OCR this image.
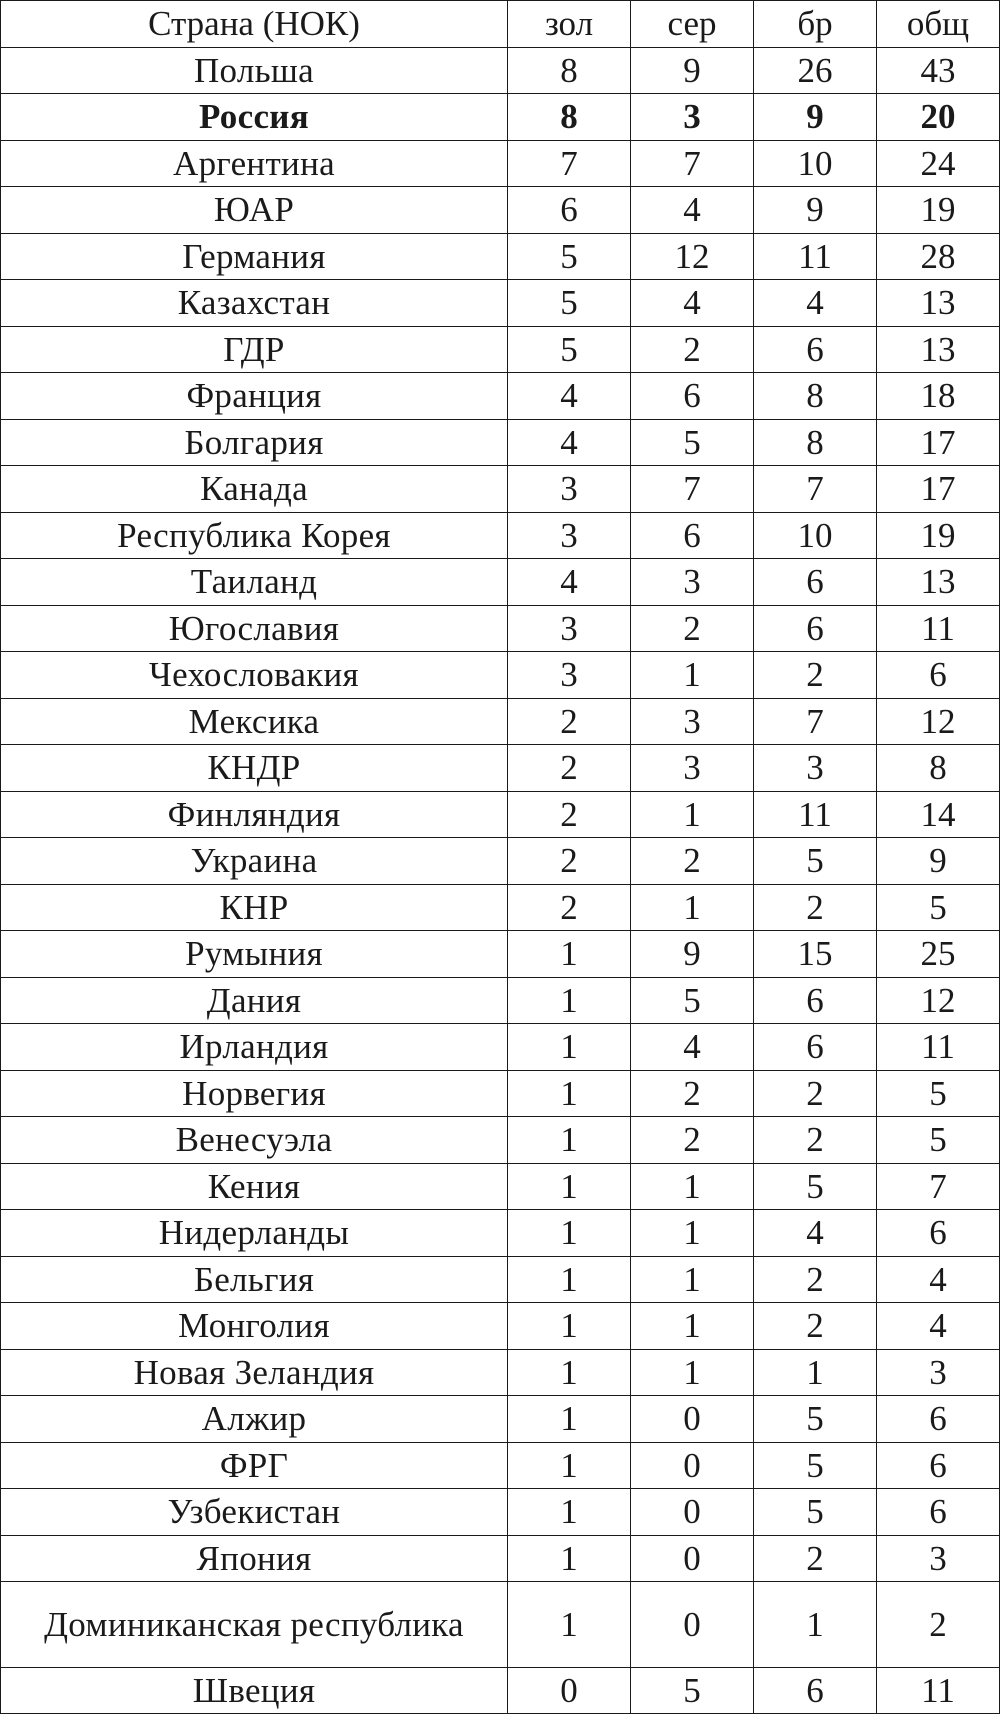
Страна (НОК)	зол	сер	бр	общ
Польша	8	9	26	43
Россия	8	3	9	20
Аргентина	7	7	10	24
ЮАР	6	4	9	19
Германия	5	12	11	28
Казахстан	5	4	4	13
ГДР	5	2	6	13
Франция	4	6	8	18
Болгария	4	5	8	17
Канада	3	7	7	17
Республика Корея	3	6	10	19
Таиланд	4	3	6	13
Югославия	3	2	6	11
Чехословакия	3	1	2	6
Мексика	2	3	7	12
КНДР	2	3	3	8
Финляндия	2	1	11	14
Украина	2	2	5	9
КНР	2	1	2	5
Румыния	1	9	15	25
Дания	1	5	6	12
Ирландия	1	4	6	11
Норвегия	1	2	2	5
Венесуэла	1	2	2	5
Кения	1	1	5	7
Нидерланды	1	1	4	6
Бельгия	1	1	2	4
Монголия	1	1	2	4
Новая Зеландия	1	1	1	3
Алжир	1	0	5	6
ФРГ	1	0	5	6
Узбекистан	1	0	5	6
Япония	1	0	2	3
Доминиканская республика	1	0	1	2
Швеция	0	5	6	11
